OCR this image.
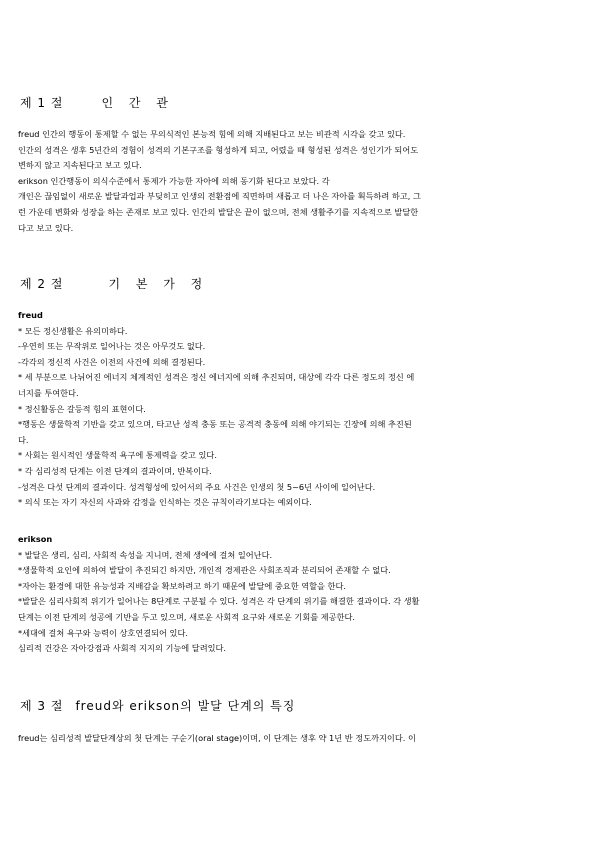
제 1 절	인 간 관

freud 인간의 행동이 통제할 수 없는 무의식적인 본능적 힘에 의해 지배된다고 보는 비관적 시각을 갖고 있다.

인간의 성격은 생후 5년간의 경험이 성격의 기본구조를 형성하게 되고, 어렸을 때 형성된 성격은 성인기가 되어도

변하지 않고 지속된다고 보고 있다.

erikson 인간행동이 의식수준에서 통제가 가능한 자아에 의해 동기화 된다고 보았다. 각

개인은 끊임없이 새로운 발달과업과 부딪히고 인생의 전환점에 직면하며 새롭고 더 나은 자아를 획득하려 하고, 그

런 가운데 변화와 성장을 하는 존재로 보고 있다. 인간의 발달은 끝이 없으며, 전체 생활주기를 지속적으로 발달한

다고 보고 있다.

제 2 절	기 본 가 정

freud

* 모든 정신생활은 유의미하다.

-우연히 또는 무작위로 일어나는 것은 아무것도 없다.

-각각의 정신적 사건은 이전의 사건에 의해 결정된다.

* 세 부분으로 나뉘어진 에너지 체계적인 성격은 정신 에너지에 의해 추진되며, 대상에 각각 다른 정도의 정신 에

너지를 투여한다.

* 정신활동은 갈등적 힘의 표현이다.

*행동은 생물학적 기반을 갖고 있으며, 타고난 성적 충동 또는 공격적 충동에 의해 야기되는 긴장에 의해 추진된

다.

* 사회는 원시적인 생물학적 욕구에 통제력을 갖고 있다.

* 각 심리성적 단계는 이전 단계의 결과이며, 반복이다.

-성격은 다섯 단계의 결과이다. 성격형성에 있어서의 주요 사건은 인생의 첫 5~6년 사이에 일어난다.

* 의식 또는 자기 자신의 사과와 감정을 인식하는 것은 규칙이라기보다는 예외이다.

erikson

* 발달은 생리, 심리, 사회적 속성을 지니며, 전체 생에에 걸쳐 일어난다.

*생물학적 요인에 의하여 발달이 추진되긴 하지만, 개인적 경제관은 사회조직과 분리되어 존재할 수 없다.

*자아는 환경에 대한 유능성과 지배감을 확보하려고 하기 때문에 발달에 중요한 역할을 한다.

*발달은 심리사회적 위기가 일어나는 8단계로 구분될 수 있다. 성격은 각 단계의 위기를 해결한 결과이다. 각 생활

단계는 이전 단계의 성공에 기반을 두고 있으며, 새로운 사회적 요구와 새로운 기회를 제공한다.

*세대에 걸쳐 욕구와 능력이 상호연결되어 있다.

심리적 건강은 자아강점과 사회적 지지의 기능에 달려있다.

제 3 절 freud와 erikson의 발달 단계의 특징

freud는 심리성적 발달단계상의 첫 단계는 구순기(oral stage)이며, 이 단계는 생후 약 1년 반 정도까지이다. 이
